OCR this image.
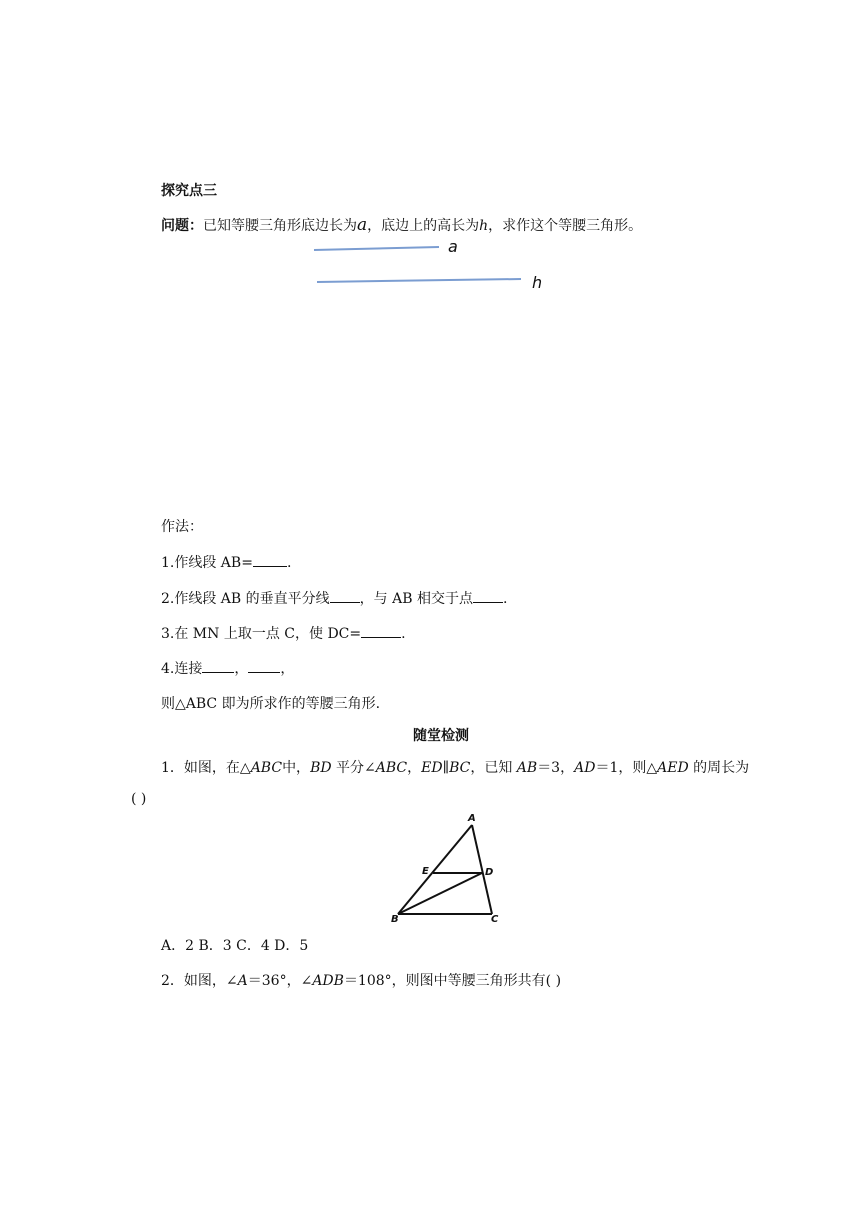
探究点三
问题：已知等腰三角形底边长为a，底边上的高长为h，求作这个等腰三角形。
a
h
作法：
1.作线段 AB= .
2.作线段 AB 的垂直平分线 ，与 AB 相交于点 .
3.在 MN 上取一点 C，使 DC=	.
4.连接 ， ，
则△ABC 即为所求作的等腰三角形.
随堂检测
1．如图，在△ABC中，BD 平分∠ABC，ED∥BC，已知 AB＝3，AD＝1，则△AED 的周长为
( )
A
E	D
B	C
A．2 B．3 C．4 D．5
2．如图，∠A＝36°，∠ADB＝108°，则图中等腰三角形共有( )
